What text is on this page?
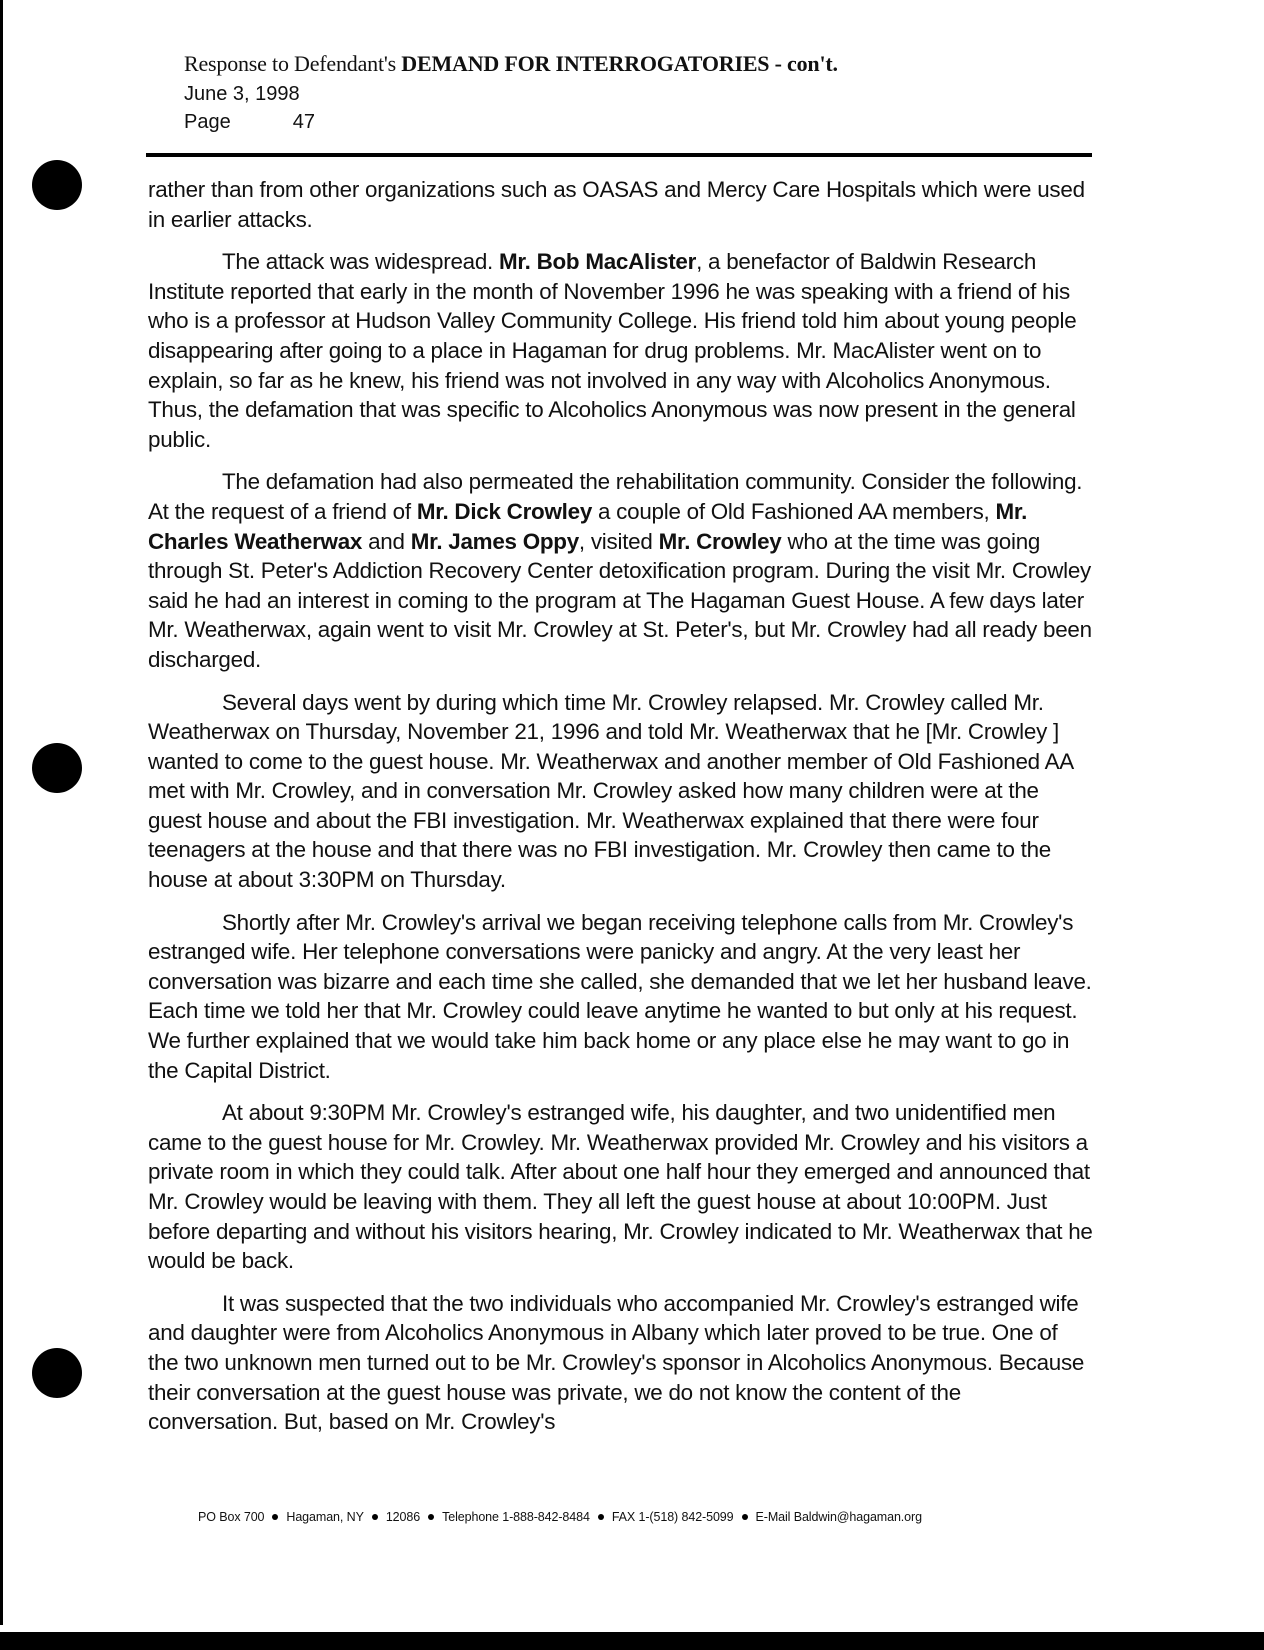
Response to Defendant's DEMAND FOR INTERROGATORIES - con't.
June 3, 1998
Page	47

rather than from other organizations such as OASAS and Mercy Care Hospitals which were used in earlier attacks.

The attack was widespread. Mr. Bob MacAlister, a benefactor of Baldwin Research Institute reported that early in the month of November 1996 he was speaking with a friend of his who is a professor at Hudson Valley Community College. His friend told him about young people disappearing after going to a place in Hagaman for drug problems. Mr. MacAlister went on to explain, so far as he knew, his friend was not involved in any way with Alcoholics Anonymous. Thus, the defamation that was specific to Alcoholics Anonymous was now present in the general public.

The defamation had also permeated the rehabilitation community. Consider the following. At the request of a friend of Mr. Dick Crowley a couple of Old Fashioned AA members, Mr. Charles Weatherwax and Mr. James Oppy, visited Mr. Crowley who at the time was going through St. Peter's Addiction Recovery Center detoxification program. During the visit Mr. Crowley said he had an interest in coming to the program at The Hagaman Guest House. A few days later Mr. Weatherwax, again went to visit Mr. Crowley at St. Peter's, but Mr. Crowley had all ready been discharged.

Several days went by during which time Mr. Crowley relapsed. Mr. Crowley called Mr. Weatherwax on Thursday, November 21, 1996 and told Mr. Weatherwax that he [Mr. Crowley ] wanted to come to the guest house. Mr. Weatherwax and another member of Old Fashioned AA met with Mr. Crowley, and in conversation Mr. Crowley asked how many children were at the guest house and about the FBI investigation. Mr. Weatherwax explained that there were four teenagers at the house and that there was no FBI investigation. Mr. Crowley then came to the house at about 3:30PM on Thursday.

Shortly after Mr. Crowley's arrival we began receiving telephone calls from Mr. Crowley's estranged wife. Her telephone conversations were panicky and angry. At the very least her conversation was bizarre and each time she called, she demanded that we let her husband leave. Each time we told her that Mr. Crowley could leave anytime he wanted to but only at his request. We further explained that we would take him back home or any place else he may want to go in the Capital District.

At about 9:30PM Mr. Crowley's estranged wife, his daughter, and two unidentified men came to the guest house for Mr. Crowley. Mr. Weatherwax provided Mr. Crowley and his visitors a private room in which they could talk. After about one half hour they emerged and announced that Mr. Crowley would be leaving with them. They all left the guest house at about 10:00PM. Just before departing and without his visitors hearing, Mr. Crowley indicated to Mr. Weatherwax that he would be back.

It was suspected that the two individuals who accompanied Mr. Crowley's estranged wife and daughter were from Alcoholics Anonymous in Albany which later proved to be true. One of the two unknown men turned out to be Mr. Crowley's sponsor in Alcoholics Anonymous. Because their conversation at the guest house was private, we do not know the content of the conversation. But, based on Mr. Crowley's

PO Box 700 Hagaman, NY 12086 Telephone 1-888-842-8484 FAX 1-(518) 842-5099 E-Mail Baldwin@hagaman.org
